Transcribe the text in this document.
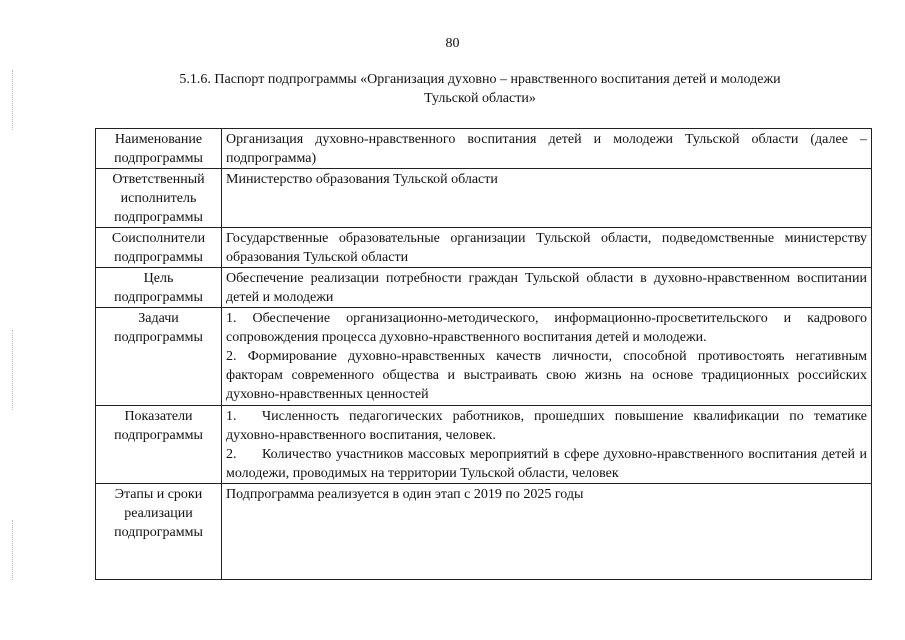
80
5.1.6. Паспорт подпрограммы «Организация духовно – нравственного воспитания детей и молодежи
Тульской области»
Наименование
подпрограммы	Организация духовно-нравственного воспитания детей и молодежи Тульской области (далее – подпрограмма)

Ответственный
исполнитель
подпрограммы	Министерство образования Тульской области

Соисполнители
подпрограммы	Государственные образовательные организации Тульской области, подведомственные министерству образования Тульской области

Цель
подпрограммы	Обеспечение реализации потребности граждан Тульской области в духовно-нравственном воспитании детей и молодежи

Задачи
подпрограммы	1. Обеспечение организационно-методического, информационно-просветительского и кадрового сопровождения процесса духовно-нравственного воспитания детей и молодежи.
2. Формирование духовно-нравственных качеств личности, способной противостоять негативным факторам современного общества и выстраивать свою жизнь на основе традиционных российских духовно-нравственных ценностей

Показатели
подпрограммы	1. Численность педагогических работников, прошедших повышение квалификации по тематике духовно-нравственного воспитания, человек.
2. Количество участников массовых мероприятий в сфере духовно-нравственного воспитания детей и молодежи, проводимых на территории Тульской области, человек

Этапы и сроки
реализации
подпрограммы	Подпрограмма реализуется в один этап с 2019 по 2025 годы
